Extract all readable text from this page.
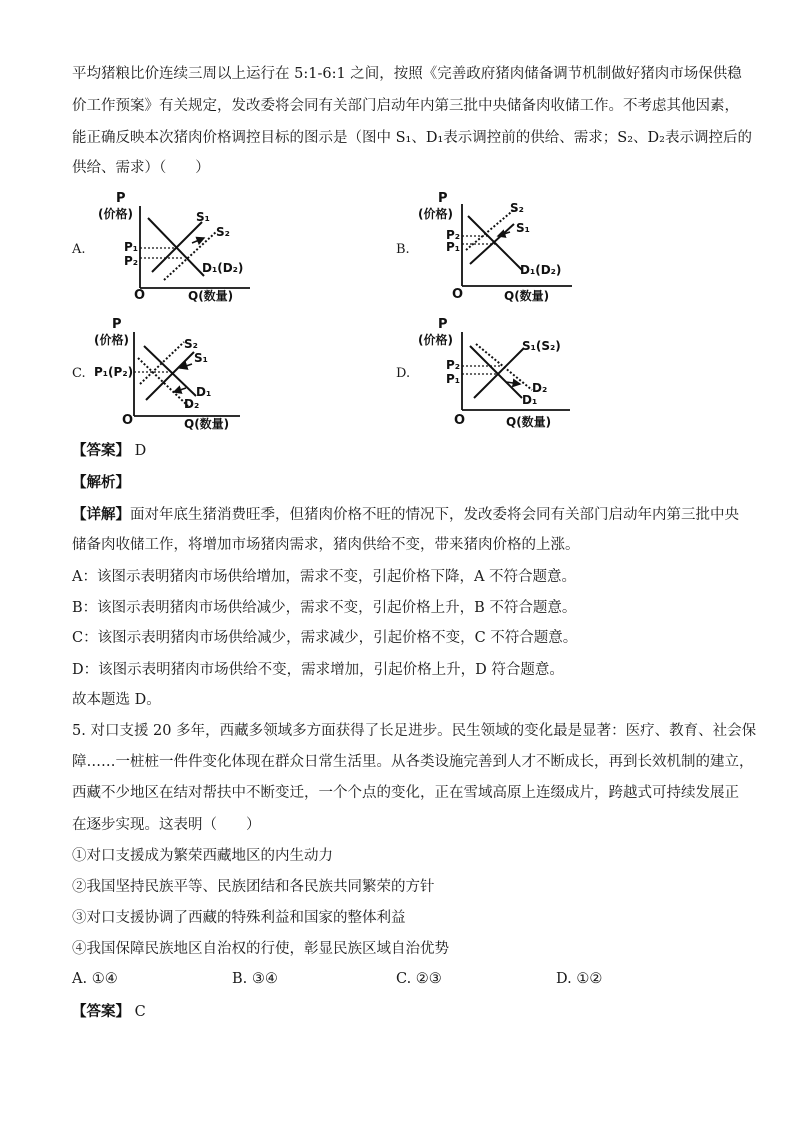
平均猪粮比价连续三周以上运行在 5:1-6:1 之间，按照《完善政府猪肉储备调节机制做好猪肉市场保供稳
价工作预案》有关规定，发改委将会同有关部门启动年内第三批中央储备肉收储工作。不考虑其他因素，
能正确反映本次猪肉价格调控目标的图示是（图中 S₁、D₁表示调控前的供给、需求；S₂、D₂表示调控后的
供给、需求）（　　）
A.
P
(价格)
O	Q(数量)
P₁
P₂
S₁
S₂
D₁(D₂)
B.
P
(价格)
O	Q(数量)
P₂
P₁
S₂
S₁
D₁(D₂)
C.
P
(价格)
O	Q(数量)
P₁(P₂)
S₂
S₁
D₁
D₂
D.
P
(价格)
O	Q(数量)
P₂
P₁
S₁(S₂)
D₂
D₁
【答案】 D
【解析】
【详解】面对年底生猪消费旺季，但猪肉价格不旺的情况下，发改委将会同有关部门启动年内第三批中央
储备肉收储工作，将增加市场猪肉需求，猪肉供给不变，带来猪肉价格的上涨。
A：该图示表明猪肉市场供给增加，需求不变，引起价格下降，A 不符合题意。
B：该图示表明猪肉市场供给减少，需求不变，引起价格上升，B 不符合题意。
C：该图示表明猪肉市场供给减少，需求减少，引起价格不变，C 不符合题意。
D：该图示表明猪肉市场供给不变，需求增加，引起价格上升，D 符合题意。
故本题选 D。
5. 对口支援 20 多年，西藏多领域多方面获得了长足进步。民生领域的变化最是显著：医疗、教育、社会保
障……一桩桩一件件变化体现在群众日常生活里。从各类设施完善到人才不断成长，再到长效机制的建立，
西藏不少地区在结对帮扶中不断变迁，一个个点的变化，正在雪域高原上连缀成片，跨越式可持续发展正
在逐步实现。这表明（　　）
①对口支援成为繁荣西藏地区的内生动力
②我国坚持民族平等、民族团结和各民族共同繁荣的方针
③对口支援协调了西藏的特殊利益和国家的整体利益
④我国保障民族地区自治权的行使，彰显民族区域自治优势
A. ①④	B. ③④	C. ②③	D. ①②
【答案】 C
